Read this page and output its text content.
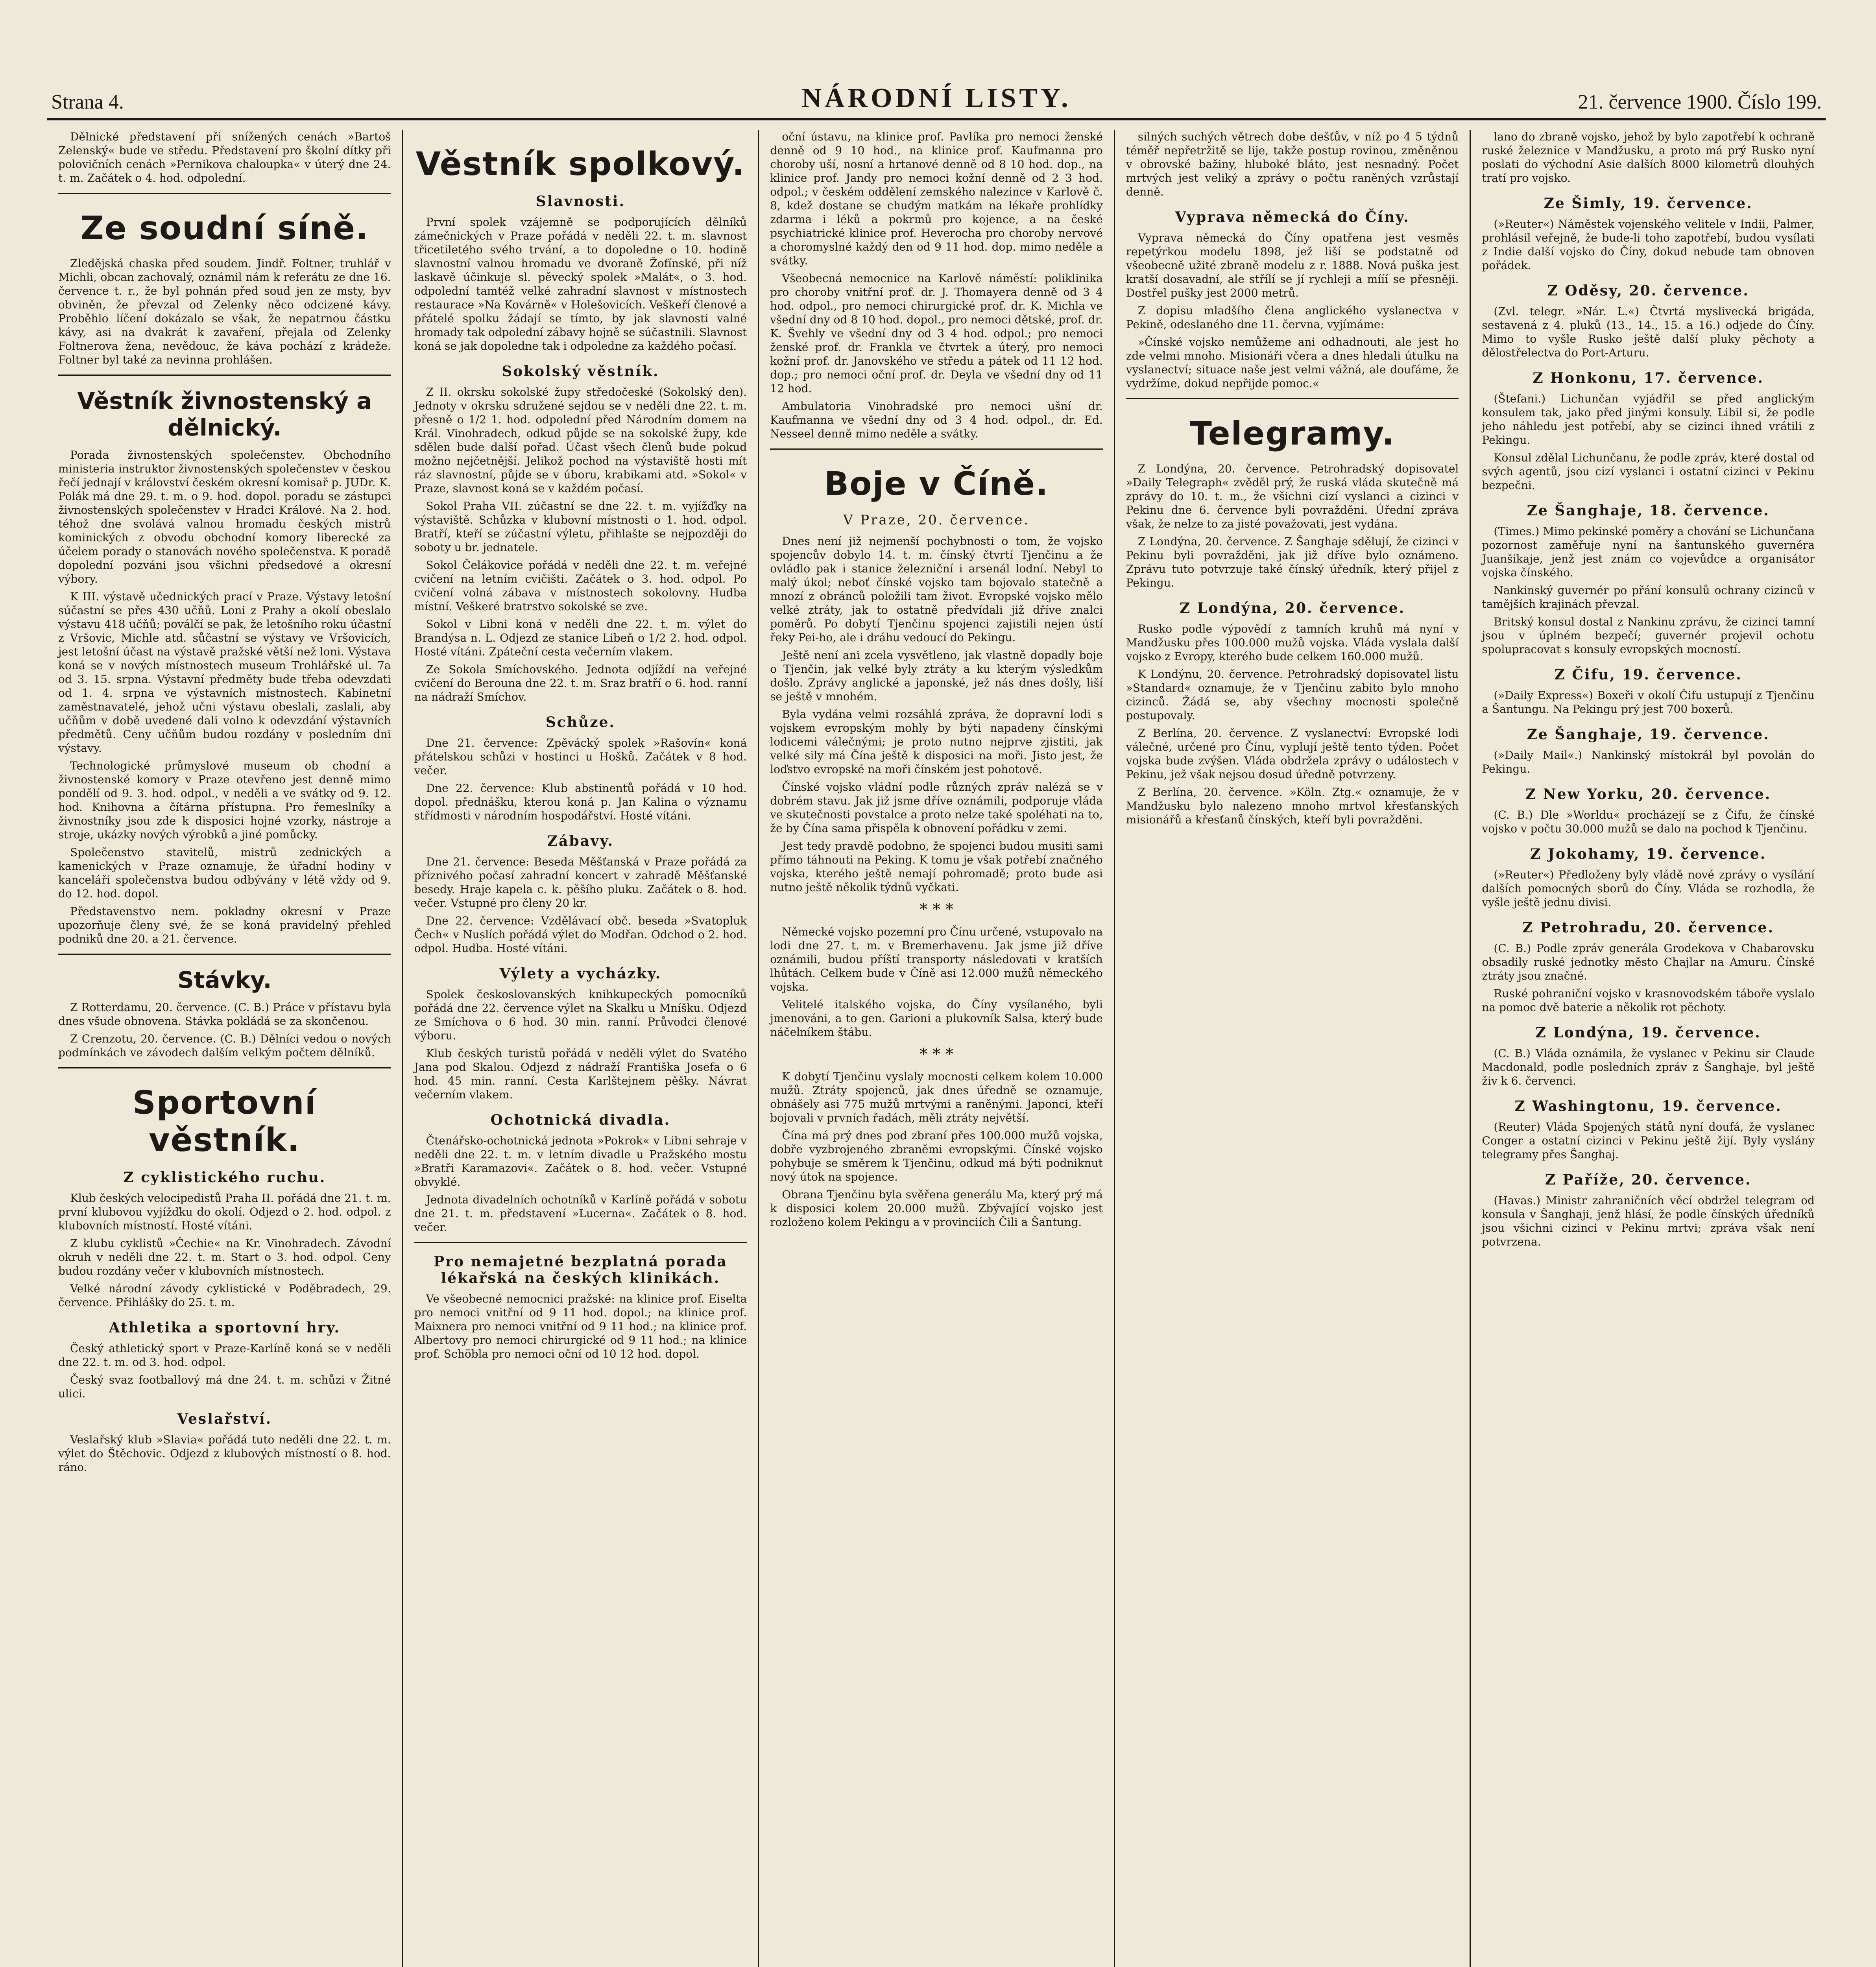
Strana 4.	NÁRODNÍ LISTY.	21. července 1900. Číslo 199.

Dělnické představení při snížených cenách »Bartoš Zelenský« bude ve středu. Představení pro školní dítky při polovičních cenách »Pernikova chaloupka« v úterý dne 24. t. m. Začátek o 4. hod. odpolední.

Ze soudní síně.

Zledějská chaska před soudem. Jindř. Foltner, truhlář v Michli, obcan zachovalý, oznámil nám k referátu ze dne 16. července t. r., že byl pohnán před soud jen ze msty, byv obviněn, že převzal od Zelenky něco odcizené kávy. Proběhlo líčení dokázalo se však, že nepatrnou částku kávy, asi na dvakrát k zavaření, přejala od Zelenky Foltnerova žena, nevědouc, že káva pochází z krádeže. Foltner byl také za nevinna prohlášen.

Věstník živnostenský a dělnický.

Porada živnostenských společenstev. Obchodního ministeria instruktor živnostenských společenstev v českou řečí jednají v království českém okresní komisař p. JUDr. K. Polák má dne 29. t. m. o 9. hod. dopol. poradu se zástupci živnostenských společenstev v Hradci Králové. Na 2. hod. téhož dne svolává valnou hromadu českých mistrů kominických z obvodu obchodní komory liberecké za účelem porady o stanovách nového společenstva. K poradě dopolední pozváni jsou všichni předsedové a okresní výbory.

K III. výstavě učednických prací v Praze. Výstavy letošní súčastní se přes 430 učňů. Loni z Prahy a okolí obeslalo výstavu 418 učňů; poválčí se pak, že letošního roku účastní z Vršovic, Michle atd. sůčastní se výstavy ve Vršovicích, jest letošní účast na výstavě pražské větší než loni. Výstava koná se v nových místnostech museum Trohlářské ul. 7a od 3. 15. srpna. Výstavní předměty bude třeba odevzdati od 1. 4. srpna ve výstavních místnostech. Kabinetní zaměstnavatelé, jehož učni výstavu obeslali, zaslali, aby učňům v době uvedené dali volno k odevzdání výstavních předmětů. Ceny učňům budou rozdány v posledním dni výstavy.

Technologické průmyslové museum ob chodní a živnostenské komory v Praze otevřeno jest denně mimo pondělí od 9. 3. hod. odpol., v neděli a ve svátky od 9. 12. hod. Knihovna a čítárna přístupna. Pro řemeslníky a živnostníky jsou zde k disposici hojné vzorky, nástroje a stroje, ukázky nových výrobků a jiné pomůcky.

Společenstvo stavitelů, mistrů zednických a kamenických v Praze oznamuje, že úřadní hodiny v kanceláři společenstva budou odbývány v létě vždy od 9. do 12. hod. dopol.

Představenstvo nem. pokladny okresní v Praze upozorňuje členy své, že se koná pravidelný přehled podniků dne 20. a 21. července.

Stávky.

Z Rotterdamu, 20. července. (C. B.) Práce v přístavu byla dnes všude obnovena. Stávka pokládá se za skončenou.

Z Crenzotu, 20. července. (C. B.) Dělníci vedou o nových podmínkách ve závodech dalším velkým počtem dělníků.

Sportovní věstník.
Z cyklistického ruchu.

Klub českých velocipedistů Praha II. pořádá dne 21. t. m. první klubovou vyjížďku do okolí. Odjezd o 2. hod. odpol. z klubovních místností. Hosté vítáni.

Z klubu cyklistů »Čechie« na Kr. Vinohradech. Závodní okruh v neděli dne 22. t. m. Start o 3. hod. odpol. Ceny budou rozdány večer v klubovních místnostech.

Velké národní závody cyklistické v Poděbradech, 29. července. Přihlášky do 25. t. m.

Athletika a sportovní hry.

Český athletický sport v Praze-Karlíně koná se v neděli dne 22. t. m. od 3. hod. odpol.

Český svaz footballový má dne 24. t. m. schůzi v Žitné ulici.

Veslařství.

Veslařský klub »Slavia« pořádá tuto neděli dne 22. t. m. výlet do Štěchovic. Odjezd z klubových místností o 8. hod. ráno.

Věstník spolkový.
Slavnosti.

První spolek vzájemně se podporujících dělníků zámečnických v Praze pořádá v neděli 22. t. m. slavnost třicetiletého svého trvání, a to dopoledne o 10. hodině slavnostní valnou hromadu ve dvoraně Žofínské, při níž laskavě účinkuje sl. pěvecký spolek »Malát«, o 3. hod. odpolední tamtéž velké zahradní slavnost v místnostech restaurace »Na Kovárně« v Holešovicích. Veškeří členové a přátelé spolku žádají se tímto, by jak slavnosti valné hromady tak odpolední zábavy hojně se súčastnili. Slavnost koná se jak dopoledne tak i odpoledne za každého počasí.

Sokolský věstník.

Z II. okrsku sokolské župy středočeské (Sokolský den). Jednoty v okrsku sdružené sejdou se v neděli dne 22. t. m. přesně o 1/2 1. hod. odpolední před Národním domem na Král. Vinohradech, odkud půjde se na sokolské župy, kde sdělen bude další pořad. Účast všech členů bude pokud možno nejčetnější. Jelikož pochod na výstaviště hosti mít ráz slavnostní, půjde se v úboru, krabikami atd. »Sokol« v Praze, slavnost koná se v každém počasí.

Sokol Praha VII. zúčastní se dne 22. t. m. vyjížďky na výstaviště. Schůzka v klubovní místnosti o 1. hod. odpol. Bratří, kteří se zúčastní výletu, přihlašte se nejpozději do soboty u br. jednatele.

Sokol Čelákovice pořádá v neděli dne 22. t. m. veřejné cvičení na letním cvičišti. Začátek o 3. hod. odpol. Po cvičení volná zábava v místnostech sokolovny. Hudba místní. Veškeré bratrstvo sokolské se zve.

Sokol v Libni koná v neděli dne 22. t. m. výlet do Brandýsa n. L. Odjezd ze stanice Libeň o 1/2 2. hod. odpol. Hosté vítáni. Zpáteční cesta večerním vlakem.

Ze Sokola Smíchovského. Jednota odjíždí na veřejné cvičení do Berouna dne 22. t. m. Sraz bratří o 6. hod. ranní na nádraží Smíchov.

Schůze.

Dne 21. července: Zpěvácký spolek »Rašovín« koná přátelskou schůzi v hostinci u Hošků. Začátek v 8 hod. večer.

Dne 22. července: Klub abstinentů pořádá v 10 hod. dopol. přednášku, kterou koná p. Jan Kalina o významu střídmosti v národním hospodářství. Hosté vítáni.

Zábavy.

Dne 21. července: Beseda Měšťanská v Praze pořádá za příznivého počasí zahradní koncert v zahradě Měšťanské besedy. Hraje kapela c. k. pěšího pluku. Začátek o 8. hod. večer. Vstupné pro členy 20 kr.

Dne 22. července: Vzdělávací obč. beseda »Svatopluk Čech« v Nuslích pořádá výlet do Modřan. Odchod o 2. hod. odpol. Hudba. Hosté vítáni.

Výlety a vycházky.

Spolek českoslovanských knihkupeckých pomocníků pořádá dne 22. července výlet na Skalku u Mníšku. Odjezd ze Smíchova o 6 hod. 30 min. ranní. Průvodci členové výboru.

Klub českých turistů pořádá v neděli výlet do Svatého Jana pod Skalou. Odjezd z nádraží Františka Josefa o 6 hod. 45 min. ranní. Cesta Karlštejnem pěšky. Návrat večerním vlakem.

Ochotnická divadla.

Čtenářsko-ochotnická jednota »Pokrok« v Libni sehraje v neděli dne 22. t. m. v letním divadle u Pražského mostu »Bratři Karamazovi«. Začátek o 8. hod. večer. Vstupné obvyklé.

Jednota divadelních ochotníků v Karlíně pořádá v sobotu dne 21. t. m. představení »Lucerna«. Začátek o 8. hod. večer.

Pro nemajetné bezplatná porada lékařská na českých klinikách.

Ve všeobecné nemocnici pražské: na klinice prof. Eiselta pro nemoci vnitřní od 9 11 hod. dopol.; na klinice prof. Maixnera pro nemoci vnitřní od 9 11 hod.; na klinice prof. Albertovy pro nemoci chirurgické od 9 11 hod.; na klinice prof. Schöbla pro nemoci oční od 10 12 hod. dopol.

oční ústavu, na klinice prof. Pavlíka pro nemoci ženské denně od 9 10 hod., na klinice prof. Kaufmanna pro choroby uší, nosní a hrtanové denně od 8 10 hod. dop., na klinice prof. Jandy pro nemoci kožní denně od 2 3 hod. odpol.; v českém oddělení zemského nalezince v Karlově č. 8, kdež dostane se chudým matkám na lékaře prohlídky zdarma i léků a pokrmů pro kojence, a na české psychiatrické klinice prof. Heverocha pro choroby nervové a choromyslné každý den od 9 11 hod. dop. mimo neděle a svátky.

Všeobecná nemocnice na Karlově náměstí: poliklinika pro choroby vnitřní prof. dr. J. Thomayera denně od 3 4 hod. odpol., pro nemoci chirurgické prof. dr. K. Michla ve všední dny od 8 10 hod. dopol., pro nemoci dětské, prof. dr. K. Švehly ve všední dny od 3 4 hod. odpol.; pro nemoci ženské prof. dr. Frankla ve čtvrtek a úterý, pro nemoci kožní prof. dr. Janovského ve středu a pátek od 11 12 hod. dop.; pro nemoci oční prof. dr. Deyla ve všední dny od 11 12 hod.

Ambulatoria Vinohradské pro nemoci ušní dr. Kaufmanna ve všední dny od 3 4 hod. odpol., dr. Ed. Nesseel denně mimo neděle a svátky.

Boje v Číně.
V Praze, 20. července.

Dnes není již nejmenší pochybnosti o tom, že vojsko spojencův dobylo 14. t. m. čínský čtvrtí Tjenčinu a že ovládlo pak i stanice železniční i arsenál lodní. Nebyl to malý úkol; neboť čínské vojsko tam bojovalo statečně a mnozí z obránců položili tam život. Evropské vojsko mělo velké ztráty, jak to ostatně předvídali již dříve znalci poměrů. Po dobytí Tjenčinu spojenci zajistili nejen ústí řeky Pei-ho, ale i dráhu vedoucí do Pekingu.

Ještě není ani zcela vysvětleno, jak vlastně dopadly boje o Tjenčin, jak velké byly ztráty a ku kterým výsledkům došlo. Zprávy anglické a japonské, jež nás dnes došly, liší se ještě v mnohém.

Byla vydána velmi rozsáhlá zpráva, že dopravní lodi s vojskem evropským mohly by býti napadeny čínskými lodicemi válečnými; je proto nutno nejprve zjistiti, jak velké sily má Čína ještě k disposici na moři. Jisto jest, že loďstvo evropské na moři čínském jest pohotově.

Čínské vojsko vládní podle různých zpráv nalézá se v dobrém stavu. Jak již jsme dříve oznámili, podporuje vláda ve skutečnosti povstalce a proto nelze také spoléhati na to, že by Čína sama přispěla k obnovení pořádku v zemi.

Jest tedy pravdě podobno, že spojenci budou musiti sami přímo táhnouti na Peking. K tomu je však potřebí značného vojska, kterého ještě nemají pohromadě; proto bude asi nutno ještě několik týdnů vyčkati.

* * *

Německé vojsko pozemní pro Čínu určené, vstupovalo na lodi dne 27. t. m. v Bremerhavenu. Jak jsme již dříve oznámili, budou příští transporty následovati v kratších lhůtách. Celkem bude v Číně asi 12.000 mužů německého vojska.

Velitelé italského vojska, do Číny vysílaného, byli jmenováni, a to gen. Garioni a plukovník Salsa, který bude náčelníkem štábu.

* * *

K dobytí Tjenčinu vyslaly mocnosti celkem kolem 10.000 mužů. Ztráty spojenců, jak dnes úředně se oznamuje, obnášely asi 775 mužů mrtvými a raněnými. Japonci, kteří bojovali v prvních řadách, měli ztráty největší.

Čína má prý dnes pod zbraní přes 100.000 mužů vojska, dobře vyzbrojeného zbraněmi evropskými. Čínské vojsko pohybuje se směrem k Tjenčinu, odkud má býti podniknut nový útok na spojence.

Obrana Tjenčinu byla svěřena generálu Ma, který prý má k disposici kolem 20.000 mužů. Zbývající vojsko jest rozloženo kolem Pekingu a v provinciích Čili a Šantung.

silných suchých větrech dobe dešťův, v níž po 4 5 týdnů téměř nepřetržitě se lije, takže postup rovinou, změněnou v obrovské bažiny, hluboké bláto, jest nesnadný. Počet mrtvých jest veliký a zprávy o počtu raněných vzrůstají denně.

Vyprava německá do Číny.

Vyprava německá do Číny opatřena jest vesměs repetýrkou modelu 1898, jež liší se podstatně od všeobecně užité zbraně modelu z r. 1888. Nová puška jest kratší dosavadní, ale střílí se jí rychleji a mííí se přesněji. Dostřel pušky jest 2000 metrů.

Z dopisu mladšího člena anglického vyslanectva v Pekině, odeslaného dne 11. června, vyjímáme:

»Čínské vojsko nemůžeme ani odhadnouti, ale jest ho zde velmi mnoho. Misionáři včera a dnes hledali útulku na vyslanectví; situace naše jest velmi vážná, ale doufáme, že vydržíme, dokud nepřijde pomoc.«

Telegramy.

Z Londýna, 20. července. Petrohradský dopisovatel »Daily Telegraph« zvěděl prý, že ruská vláda skutečně má zprávy do 10. t. m., že všichni cizí vyslanci a cizinci v Pekinu dne 6. července byli povražděni. Úřední zpráva však, že nelze to za jisté považovati, jest vydána.

Z Londýna, 20. července. Z Šanghaje sdělují, že cizinci v Pekinu byli povražděni, jak již dříve bylo oznámeno. Zprávu tuto potvrzuje také čínský úředník, který přijel z Pekingu.

Z Londýna, 20. července.

Rusko podle výpovědí z tamních kruhů má nyní v Mandžusku přes 100.000 mužů vojska. Vláda vyslala další vojsko z Evropy, kterého bude celkem 160.000 mužů.

K Londýnu, 20. července. Petrohradský dopisovatel listu »Standard« oznamuje, že v Tjenčinu zabito bylo mnoho cizinců. Žádá se, aby všechny mocnosti společně postupovaly.

Z Berlína, 20. července. Z vyslanectví: Evropské lodi válečné, určené pro Čínu, vyplují ještě tento týden. Počet vojska bude zvýšen. Vláda obdržela zprávy o událostech v Pekinu, jež však nejsou dosud úředně potvrzeny.

Z Berlína, 20. července. »Köln. Ztg.« oznamuje, že v Mandžusku bylo nalezeno mnoho mrtvol křesťanských misionářů a křesťanů čínských, kteří byli povražděni.

lano do zbraně vojsko, jehož by bylo zapotřebí k ochraně ruské železnice v Mandžusku, a proto má prý Rusko nyní poslati do východní Asie dalších 8000 kilometrů dlouhých tratí pro vojsko.

Ze Šimly, 19. července.

(»Reuter«) Náměstek vojenského velitele v Indii, Palmer, prohlásil veřejně, že bude-li toho zapotřebí, budou vysílati z Indie další vojsko do Číny, dokud nebude tam obnoven pořádek.

Z Oděsy, 20. července.

(Zvl. telegr. »Nár. L.«) Čtvrtá myslivecká brigáda, sestavená z 4. pluků (13., 14., 15. a 16.) odjede do Číny. Mimo to vyšle Rusko ještě další pluky pěchoty a dělostřelectva do Port-Arturu.

Z Honkonu, 17. července.

(Štefani.) Lichunčan vyjádřil se před anglickým konsulem tak, jako před jinými konsuly. Libil si, že podle jeho náhledu jest potřebí, aby se cizinci ihned vrátili z Pekingu.

Konsul zdělal Lichunčanu, že podle zpráv, které dostal od svých agentů, jsou cizí vyslanci i ostatní cizinci v Pekinu bezpečni.

Ze Šanghaje, 18. července.

(Times.) Mimo pekinské poměry a chování se Lichunčana pozornost zaměřuje nyní na šantunského guvernéra Juanšikaje, jenž jest znám co vojevůdce a organisátor vojska čínského.

Nankinský guvernér po přání konsulů ochrany cizinců v tamějších krajinách převzal.

Britský konsul dostal z Nankinu zprávu, že cizinci tamní jsou v úplném bezpečí; guvernér projevil ochotu spolupracovat s konsuly evropských mocností.

Z Čifu, 19. července.

(»Daily Express«) Boxeři v okolí Čifu ustupují z Tjenčinu a Šantungu. Na Pekingu prý jest 700 boxerů.

Ze Šanghaje, 19. července.

(»Daily Mail«.) Nankinský místokrál byl povolán do Pekingu.

Z New Yorku, 20. července.

(C. B.) Dle »Worldu« procházejí se z Čifu, že čínské vojsko v počtu 30.000 mužů se dalo na pochod k Tjenčinu.

Z Jokohamy, 19. července.

(»Reuter«) Předloženy byly vládě nové zprávy o vysílání dalších pomocných sborů do Číny. Vláda se rozhodla, že vyšle ještě jednu divisi.

Z Petrohradu, 20. července.

(C. B.) Podle zpráv generála Grodekova v Chabarovsku obsadily ruské jednotky město Chajlar na Amuru. Čínské ztráty jsou značné.

Ruské pohraniční vojsko v krasnovodském táboře vyslalo na pomoc dvě baterie a několik rot pěchoty.

Z Londýna, 19. července.

(C. B.) Vláda oznámila, že vyslanec v Pekinu sir Claude Macdonald, podle posledních zpráv z Šanghaje, byl ještě živ k 6. červenci.

Z Washingtonu, 19. července.

(Reuter) Vláda Spojených států nyní doufá, že vyslanec Conger a ostatní cizinci v Pekinu ještě žijí. Byly vyslány telegramy přes Šanghaj.

Z Paříže, 20. července.

(Havas.) Ministr zahraničních věcí obdržel telegram od konsula v Šanghaji, jenž hlásí, že podle čínských úředníků jsou všichni cizinci v Pekinu mrtvi; zpráva však není potvrzena.
